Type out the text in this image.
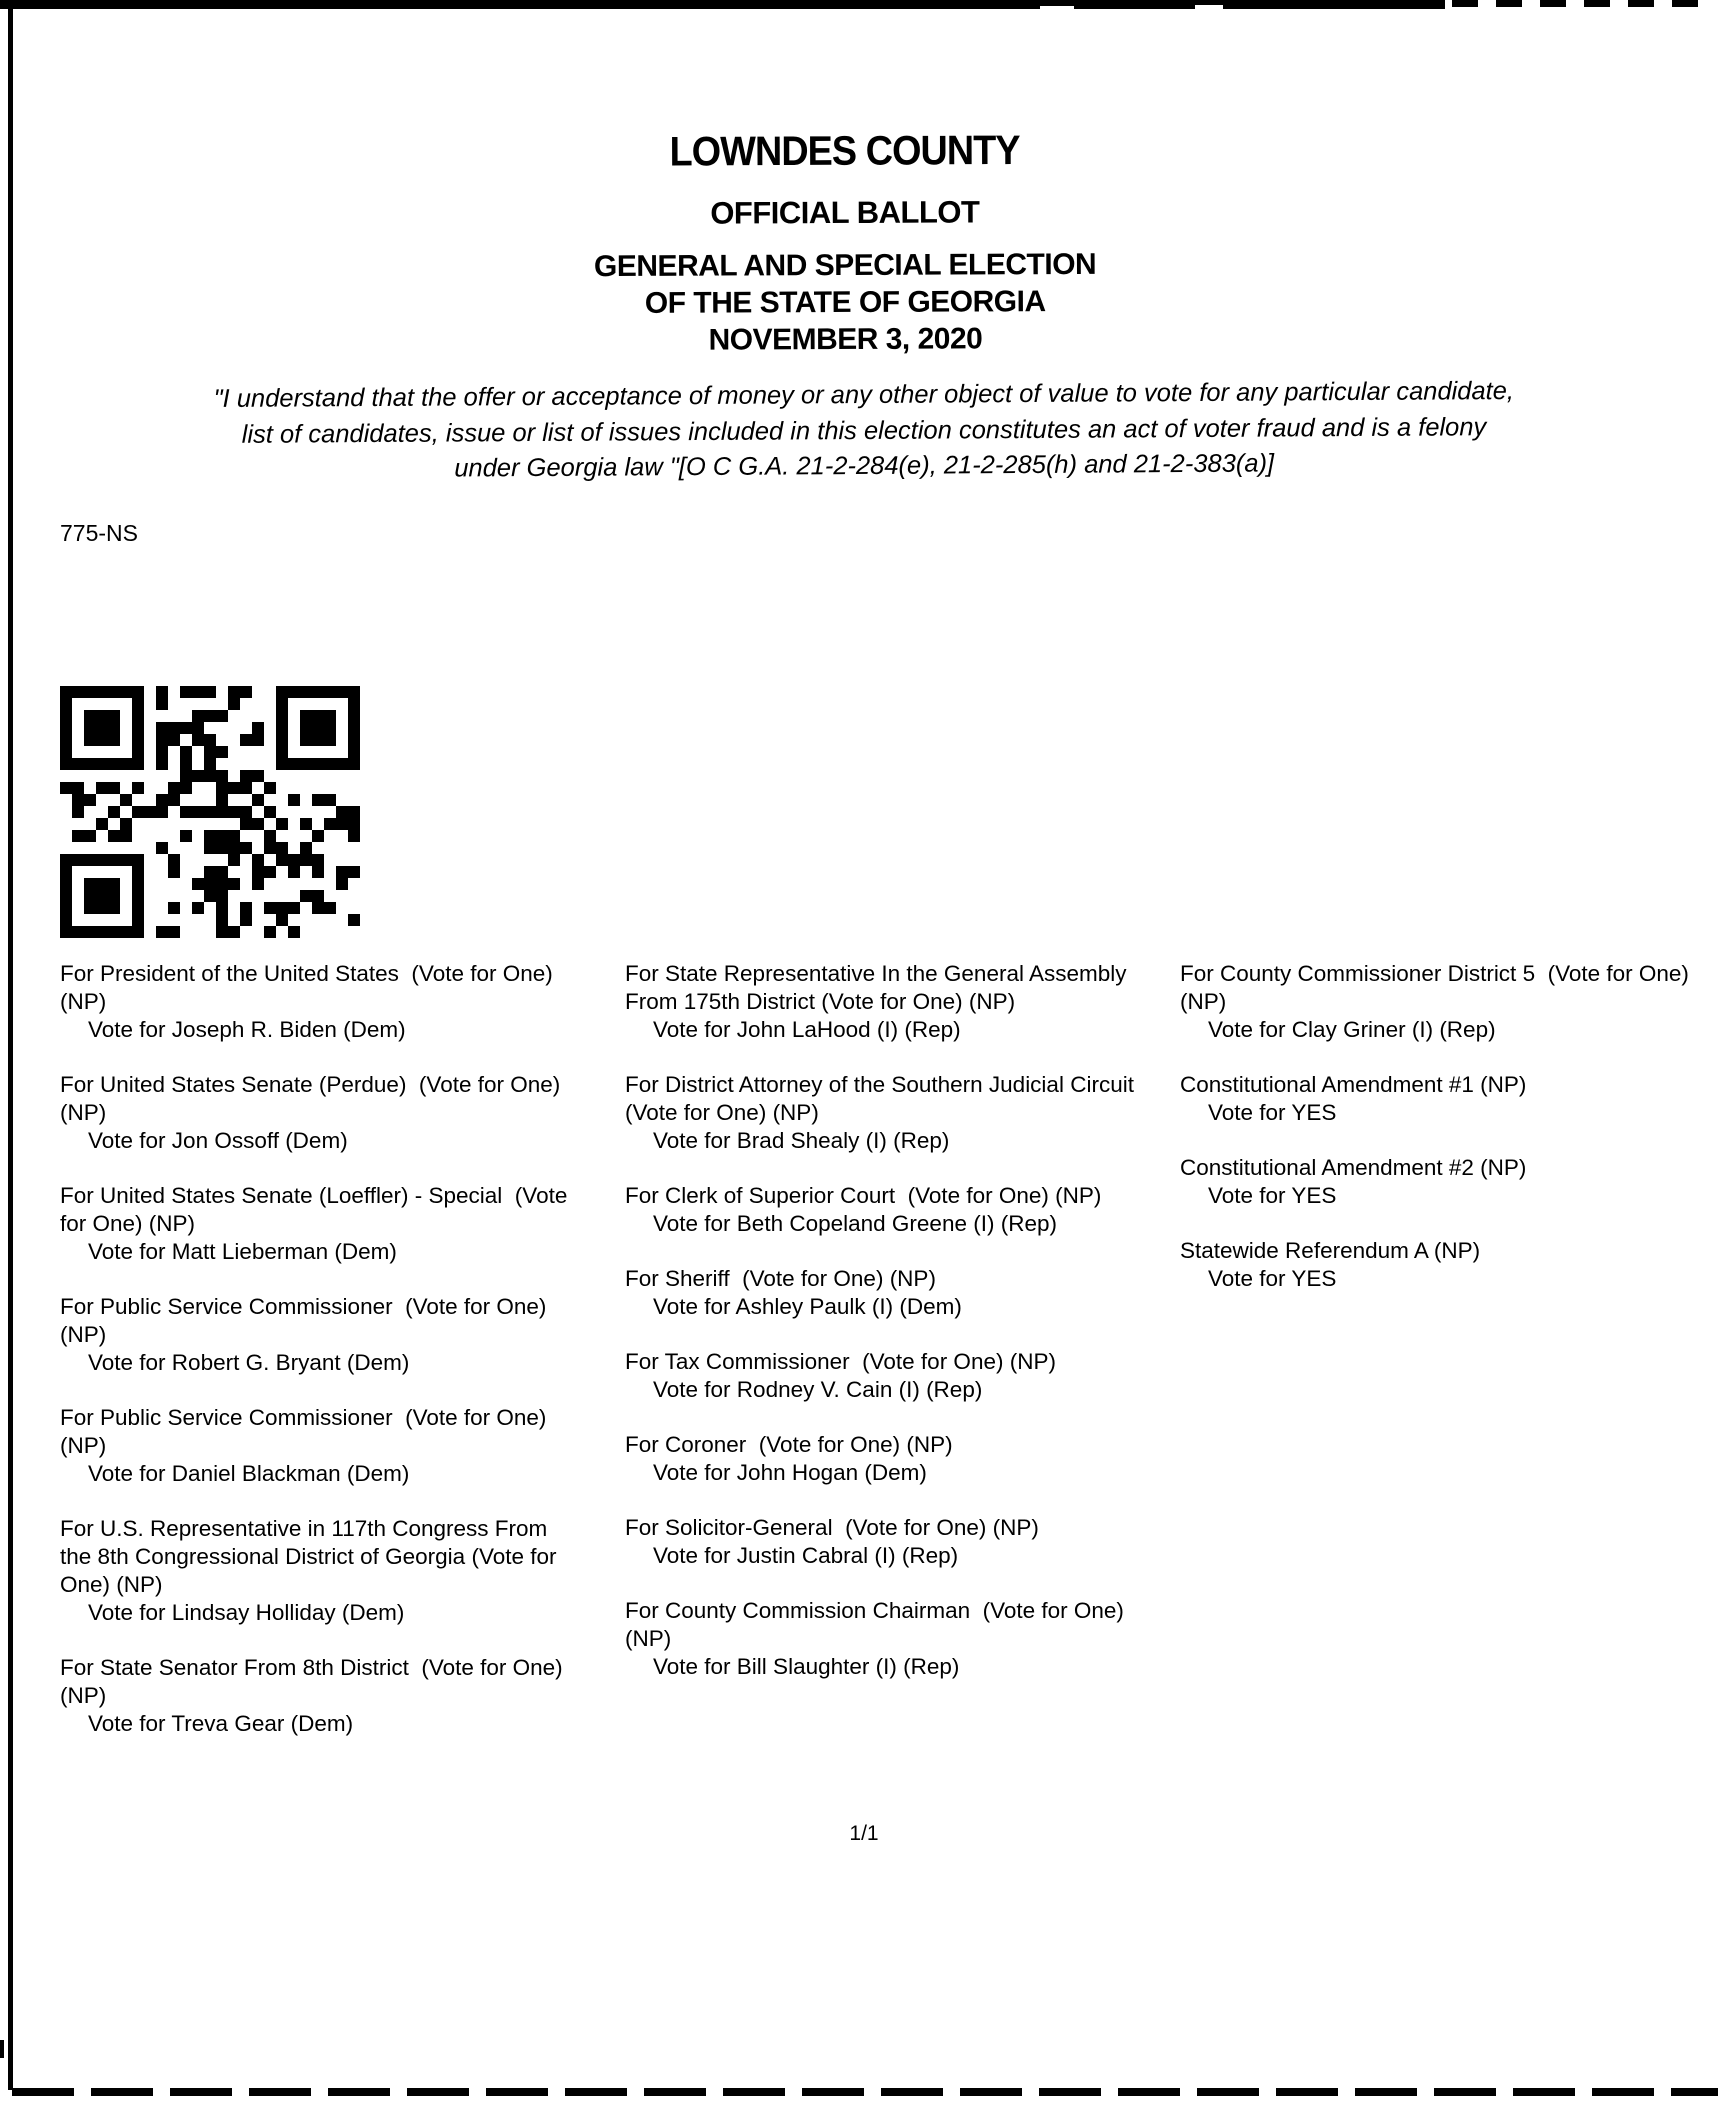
LOWNDES COUNTY
OFFICIAL BALLOT
GENERAL AND SPECIAL ELECTION
OF THE STATE OF GEORGIA
NOVEMBER 3, 2020
"I understand that the offer or acceptance of money or any other object of value to vote for any particular candidate,
list of candidates, issue or list of issues included in this election constitutes an act of voter fraud and is a felony
under Georgia law "[O C G.A. 21-2-284(e), 21-2-285(h) and 21-2-383(a)]
775-NS
For President of the United States  (Vote for One) (NP)
Vote for Joseph R. Biden (Dem)
For United States Senate (Perdue)  (Vote for One) (NP)
Vote for Jon Ossoff (Dem)
For United States Senate (Loeffler) - Special  (Vote for One) (NP)
Vote for Matt Lieberman (Dem)
For Public Service Commissioner  (Vote for One) (NP)
Vote for Robert G. Bryant (Dem)
For Public Service Commissioner  (Vote for One) (NP)
Vote for Daniel Blackman (Dem)
For U.S. Representative in 117th Congress From the 8th Congressional District of Georgia (Vote for One) (NP)
Vote for Lindsay Holliday (Dem)
For State Senator From 8th District  (Vote for One) (NP)
Vote for Treva Gear (Dem)
For State Representative In the General Assembly From 175th District (Vote for One) (NP)
Vote for John LaHood (I) (Rep)
For District Attorney of the Southern Judicial Circuit  (Vote for One) (NP)
Vote for Brad Shealy (I) (Rep)
For Clerk of Superior Court  (Vote for One) (NP)
Vote for Beth Copeland Greene (I) (Rep)
For Sheriff  (Vote for One) (NP)
Vote for Ashley Paulk (I) (Dem)
For Tax Commissioner  (Vote for One) (NP)
Vote for Rodney V. Cain (I) (Rep)
For Coroner  (Vote for One) (NP)
Vote for John Hogan (Dem)
For Solicitor-General  (Vote for One) (NP)
Vote for Justin Cabral (I) (Rep)
For County Commission Chairman  (Vote for One) (NP)
Vote for Bill Slaughter (I) (Rep)
For County Commissioner District 5  (Vote for One) (NP)
Vote for Clay Griner (I) (Rep)
Constitutional Amendment #1 (NP)
Vote for YES
Constitutional Amendment #2 (NP)
Vote for YES
Statewide Referendum A (NP)
Vote for YES
1/1
